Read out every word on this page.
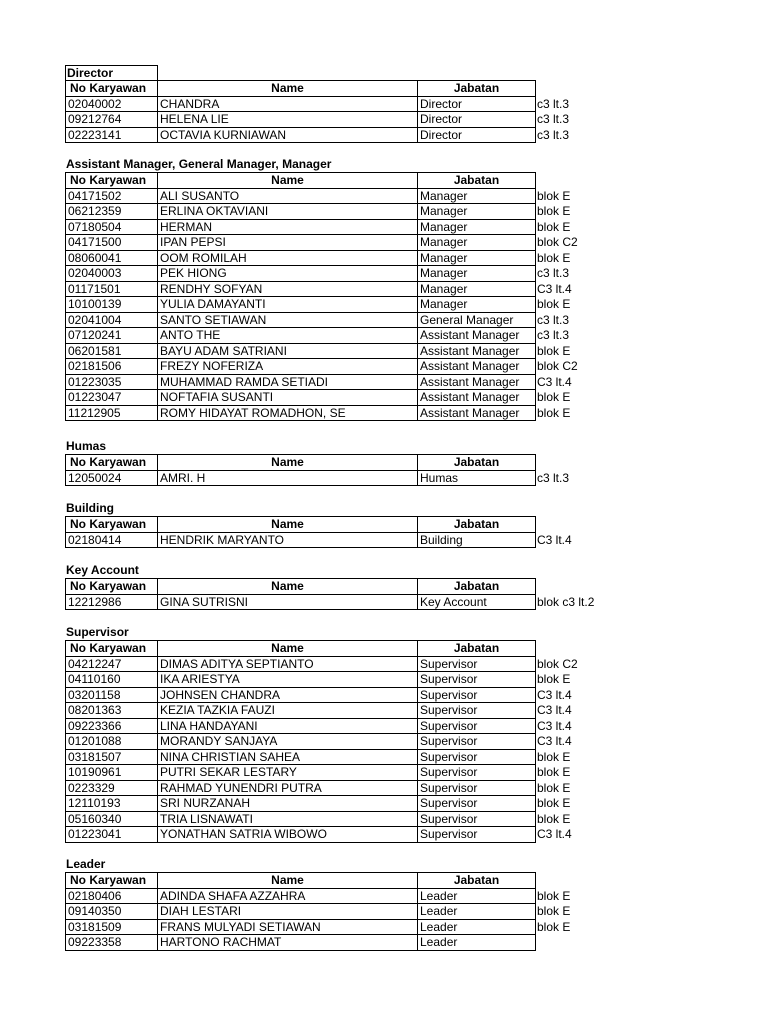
Director
No Karyawan	Name	Jabatan	
02040002	CHANDRA	Director	c3 lt.3
09212764	HELENA LIE	Director	c3 lt.3
02223141	OCTAVIA KURNIAWAN	Director	c3 lt.3
Assistant Manager, General Manager, Manager
No Karyawan	Name	Jabatan	
04171502	ALI SUSANTO	Manager	blok E
06212359	ERLINA OKTAVIANI	Manager	blok E
07180504	HERMAN	Manager	blok E
04171500	IPAN PEPSI	Manager	blok C2
08060041	OOM ROMILAH	Manager	blok E
02040003	PEK HIONG	Manager	c3 lt.3
01171501	RENDHY SOFYAN	Manager	C3 lt.4
10100139	YULIA DAMAYANTI	Manager	blok E
02041004	SANTO SETIAWAN	General Manager	c3 lt.3
07120241	ANTO THE	Assistant Manager	c3 lt.3
06201581	BAYU ADAM SATRIANI	Assistant Manager	blok E
02181506	FREZY NOFERIZA	Assistant Manager	blok C2
01223035	MUHAMMAD RAMDA SETIADI	Assistant Manager	C3 lt.4
01223047	NOFTAFIA SUSANTI	Assistant Manager	blok E
11212905	ROMY HIDAYAT ROMADHON, SE	Assistant Manager	blok E
Humas
No Karyawan	Name	Jabatan	
12050024	AMRI. H	Humas	c3 lt.3
Building
No Karyawan	Name	Jabatan	
02180414	HENDRIK MARYANTO	Building	C3 lt.4
Key Account
No Karyawan	Name	Jabatan	
12212986	GINA SUTRISNI	Key Account	blok c3 lt.2
Supervisor
No Karyawan	Name	Jabatan	
04212247	DIMAS ADITYA SEPTIANTO	Supervisor	blok C2
04110160	IKA ARIESTYA	Supervisor	blok E
03201158	JOHNSEN CHANDRA	Supervisor	C3 lt.4
08201363	KEZIA TAZKIA FAUZI	Supervisor	C3 lt.4
09223366	LINA HANDAYANI	Supervisor	C3 lt.4
01201088	MORANDY SANJAYA	Supervisor	C3 lt.4
03181507	NINA CHRISTIAN SAHEA	Supervisor	blok E
10190961	PUTRI SEKAR LESTARY	Supervisor	blok E
0223329	RAHMAD YUNENDRI PUTRA	Supervisor	blok E
12110193	SRI NURZANAH	Supervisor	blok E
05160340	TRIA LISNAWATI	Supervisor	blok E
01223041	YONATHAN SATRIA WIBOWO	Supervisor	C3 lt.4
Leader
No Karyawan	Name	Jabatan	
02180406	ADINDA SHAFA AZZAHRA	Leader	blok E
09140350	DIAH LESTARI	Leader	blok E
03181509	FRANS MULYADI SETIAWAN	Leader	blok E
09223358	HARTONO RACHMAT	Leader	
